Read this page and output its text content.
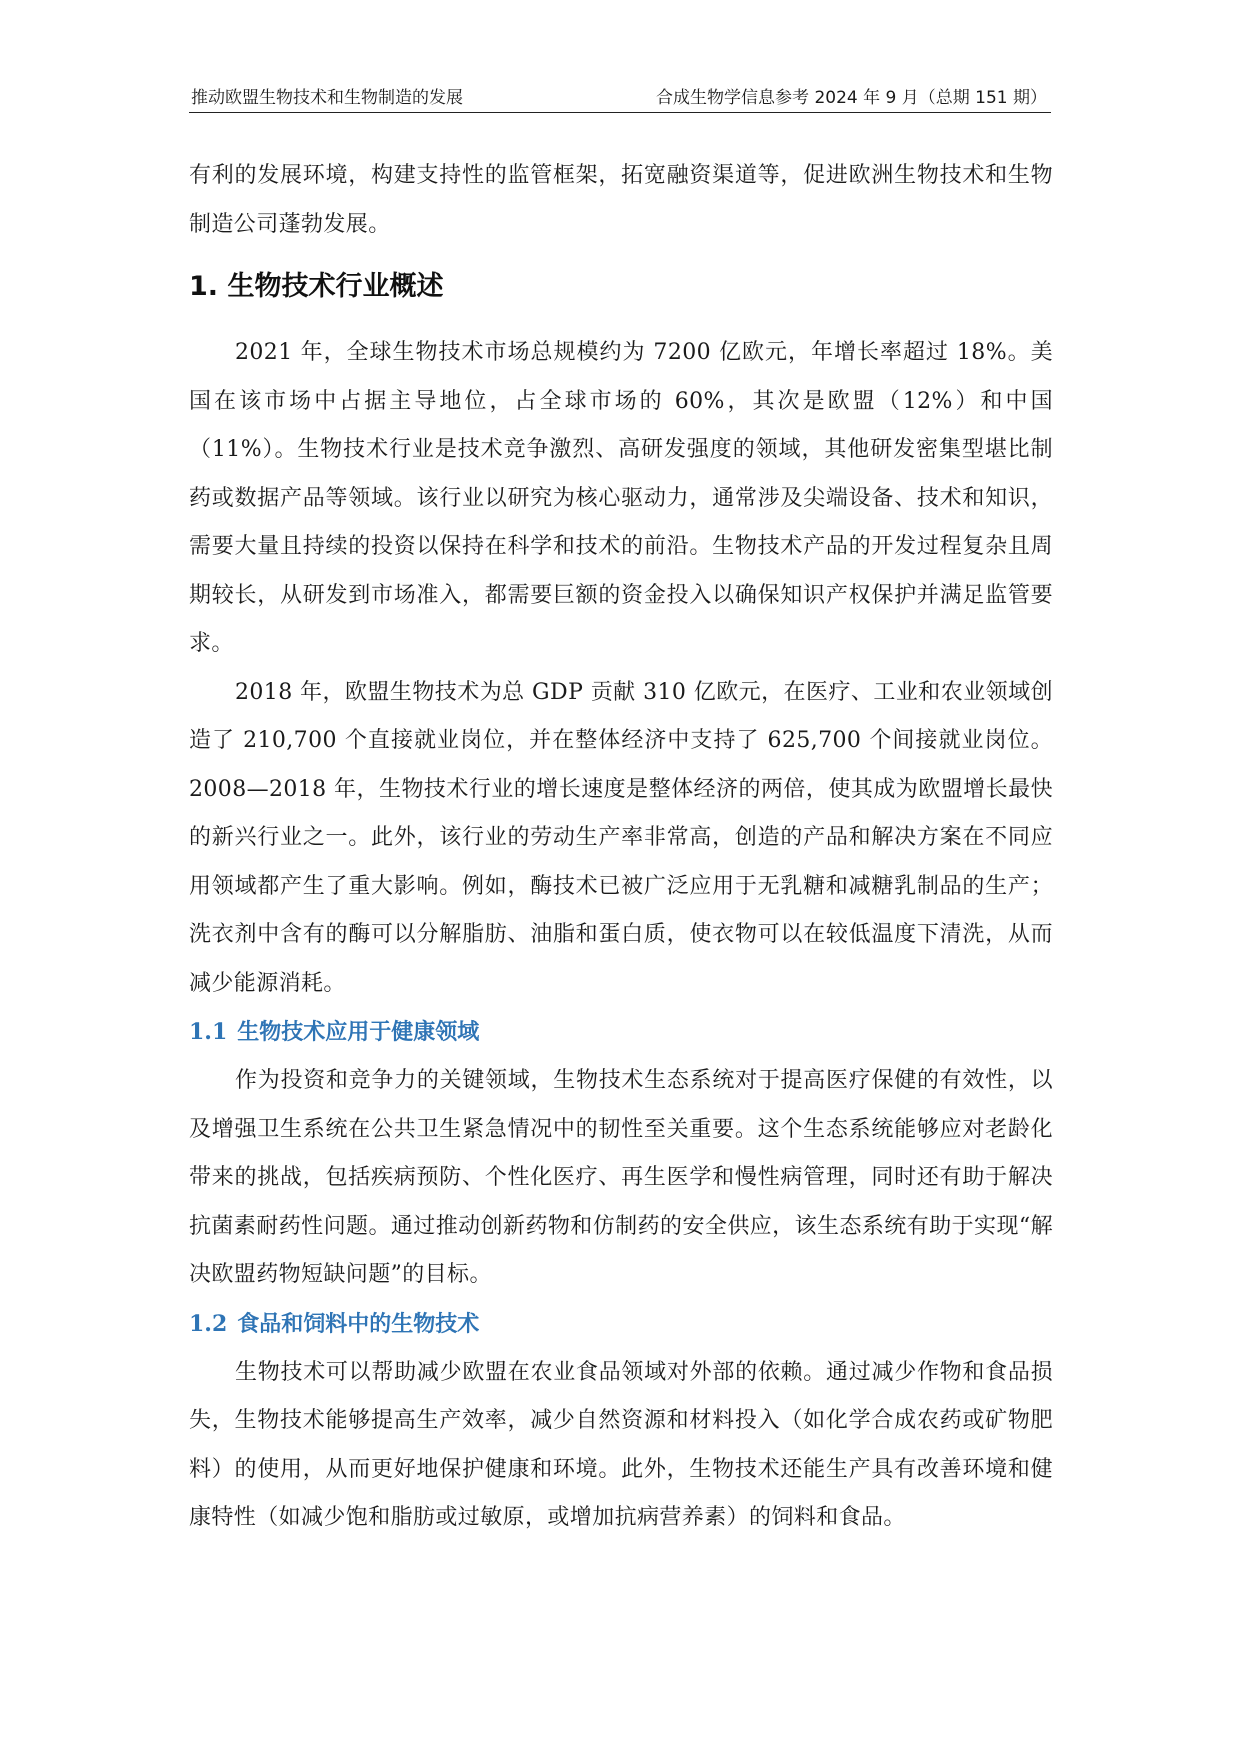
推动欧盟生物技术和生物制造的发展	合成生物学信息参考 2024 年 9 月（总期 151 期）

有利的发展环境，构建支持性的监管框架，拓宽融资渠道等，促进欧洲生物技术和生物制造公司蓬勃发展。

1. 生物技术行业概述

2021 年，全球生物技术市场总规模约为 7200 亿欧元，年增长率超过 18%。美国在该市场中占据主导地位，占全球市场的 60%，其次是欧盟（12%）和中国（11%）。生物技术行业是技术竞争激烈、高研发强度的领域，其他研发密集型堪比制药或数据产品等领域。该行业以研究为核心驱动力，通常涉及尖端设备、技术和知识，需要大量且持续的投资以保持在科学和技术的前沿。生物技术产品的开发过程复杂且周期较长，从研发到市场准入，都需要巨额的资金投入以确保知识产权保护并满足监管要求。

2018 年，欧盟生物技术为总 GDP 贡献 310 亿欧元，在医疗、工业和农业领域创造了 210,700 个直接就业岗位，并在整体经济中支持了 625,700 个间接就业岗位。2008—2018 年，生物技术行业的增长速度是整体经济的两倍，使其成为欧盟增长最快的新兴行业之一。此外，该行业的劳动生产率非常高，创造的产品和解决方案在不同应用领域都产生了重大影响。例如，酶技术已被广泛应用于无乳糖和减糖乳制品的生产；洗衣剂中含有的酶可以分解脂肪、油脂和蛋白质，使衣物可以在较低温度下清洗，从而减少能源消耗。

1.1 生物技术应用于健康领域

作为投资和竞争力的关键领域，生物技术生态系统对于提高医疗保健的有效性，以及增强卫生系统在公共卫生紧急情况中的韧性至关重要。这个生态系统能够应对老龄化带来的挑战，包括疾病预防、个性化医疗、再生医学和慢性病管理，同时还有助于解决抗菌素耐药性问题。通过推动创新药物和仿制药的安全供应，该生态系统有助于实现“解决欧盟药物短缺问题”的目标。

1.2 食品和饲料中的生物技术

生物技术可以帮助减少欧盟在农业食品领域对外部的依赖。通过减少作物和食品损失，生物技术能够提高生产效率，减少自然资源和材料投入（如化学合成农药或矿物肥料）的使用，从而更好地保护健康和环境。此外，生物技术还能生产具有改善环境和健康特性（如减少饱和脂肪或过敏原，或增加抗病营养素）的饲料和食品。
